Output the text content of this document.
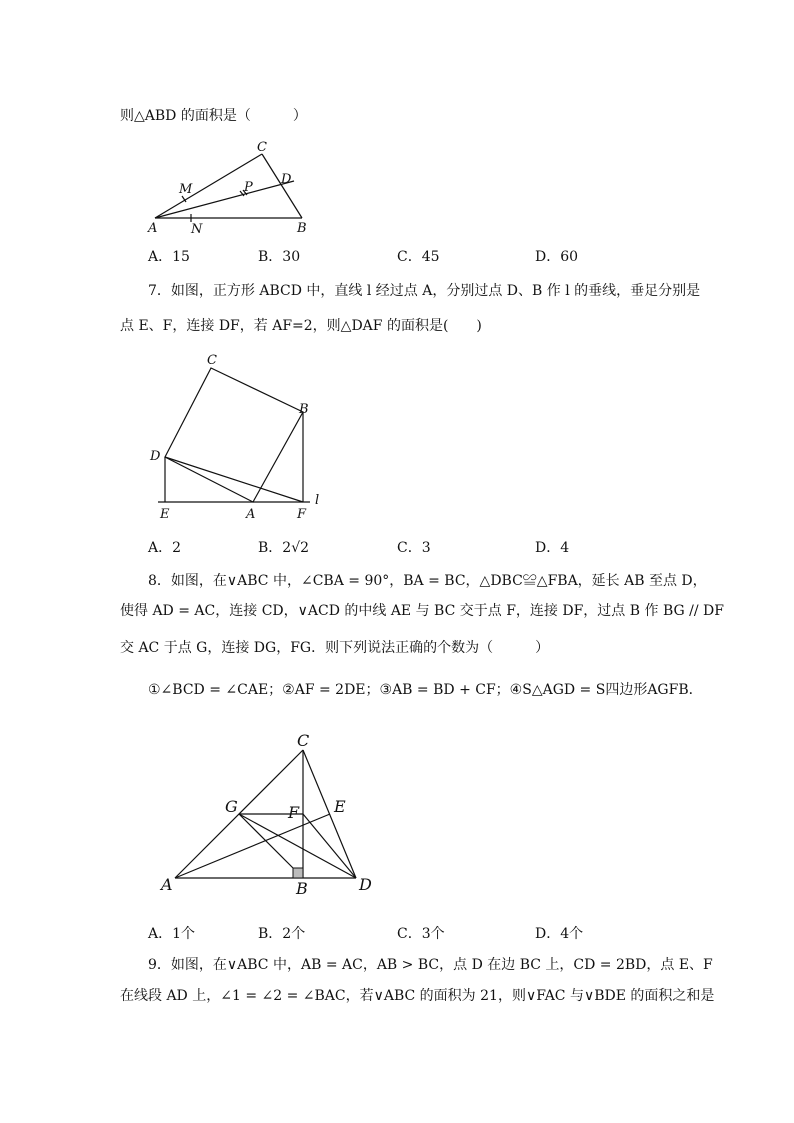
则△ABD 的面积是（　　　）
C
D
M	P
A	N	B
A．15	B．30	C．45	D．60
7．如图，正方形 ABCD 中，直线 l 经过点 A，分别过点 D、B 作 l 的垂线，垂足分别是
点 E、F，连接 DF，若 AF=2，则△DAF 的面积是(　　)
C
B
D
l
E	A	F
A．2	B．2√2	C．3	D．4
8．如图，在∨ABC 中，∠CBA = 90°，BA = BC，△DBC≌△FBA，延长 AB 至点 D，
使得 AD = AC，连接 CD，∨ACD 的中线 AE 与 BC 交于点 F，连接 DF，过点 B 作 BG // DF
交 AC 于点 G，连接 DG，FG．则下列说法正确的个数为（　　　）
①∠BCD = ∠CAE；②AF = 2DE；③AB = BD + CF；④S△AGD = S四边形AGFB．
C
G	F E
A	B	D
A．1个	B．2个	C．3个	D．4个
9．如图，在∨ABC 中，AB = AC，AB > BC，点 D 在边 BC 上，CD = 2BD，点 E、F
在线段 AD 上，∠1 = ∠2 = ∠BAC，若∨ABC 的面积为 21，则∨FAC 与∨BDE 的面积之和是
